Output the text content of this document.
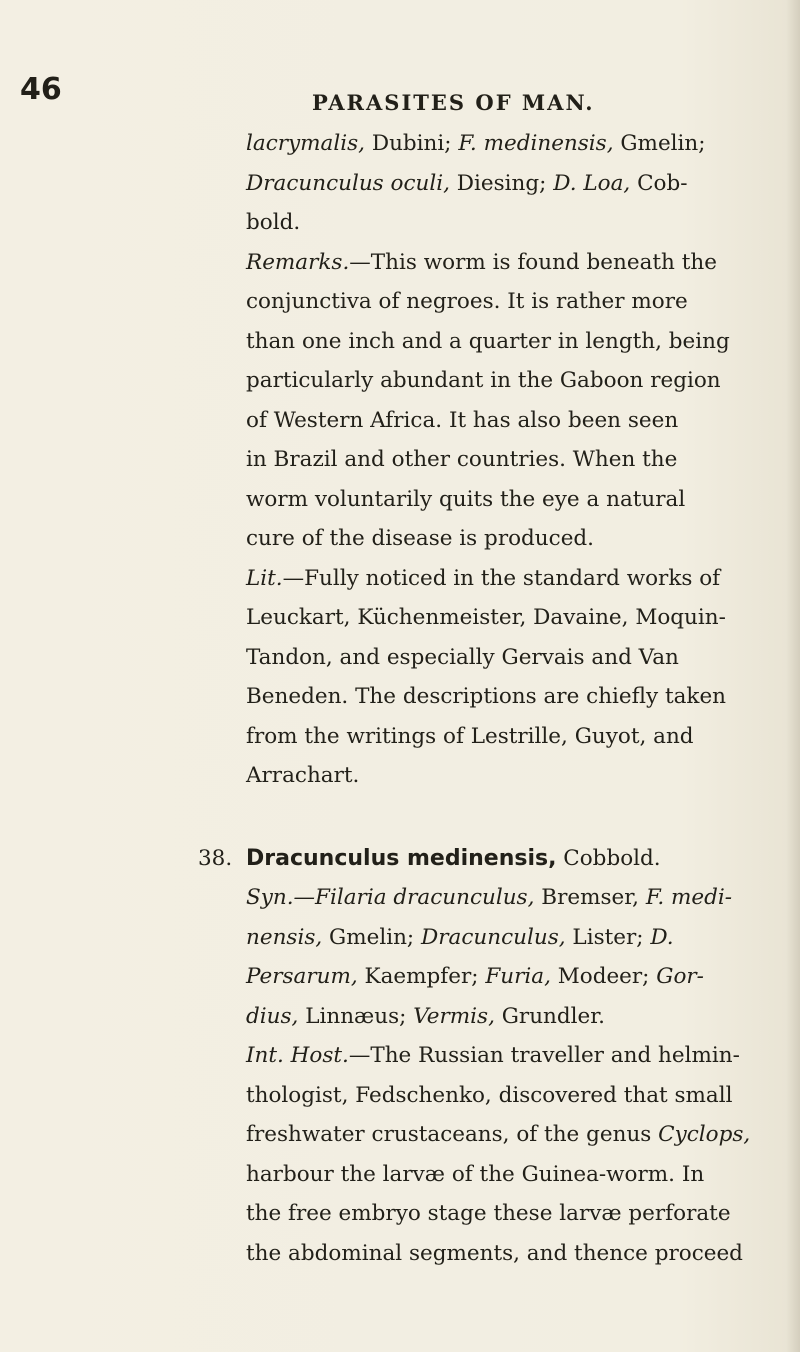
46	PARASITES OF MAN.
lacrymalis, Dubini; F. medinensis, Gmelin;
Dracunculus oculi, Diesing; D. Loa, Cob-
bold.
Remarks.—This worm is found beneath the
conjunctiva of negroes. It is rather more
than one inch and a quarter in length, being
particularly abundant in the Gaboon region
of Western Africa. It has also been seen
in Brazil and other countries. When the
worm voluntarily quits the eye a natural
cure of the disease is produced.
Lit.—Fully noticed in the standard works of
Leuckart, Küchenmeister, Davaine, Moquin-
Tandon, and especially Gervais and Van
Beneden. The descriptions are chiefly taken
from the writings of Lestrille, Guyot, and
Arrachart.
38. Dracunculus medinensis, Cobbold.
Syn.—Filaria dracunculus, Bremser, F. medi-
nensis, Gmelin; Dracunculus, Lister; D.
Persarum, Kaempfer; Furia, Modeer; Gor-
dius, Linnæus; Vermis, Grundler.
Int. Host.—The Russian traveller and helmin-
thologist, Fedschenko, discovered that small
freshwater crustaceans, of the genus Cyclops,
harbour the larvæ of the Guinea-worm. In
the free embryo stage these larvæ perforate
the abdominal segments, and thence proceed
